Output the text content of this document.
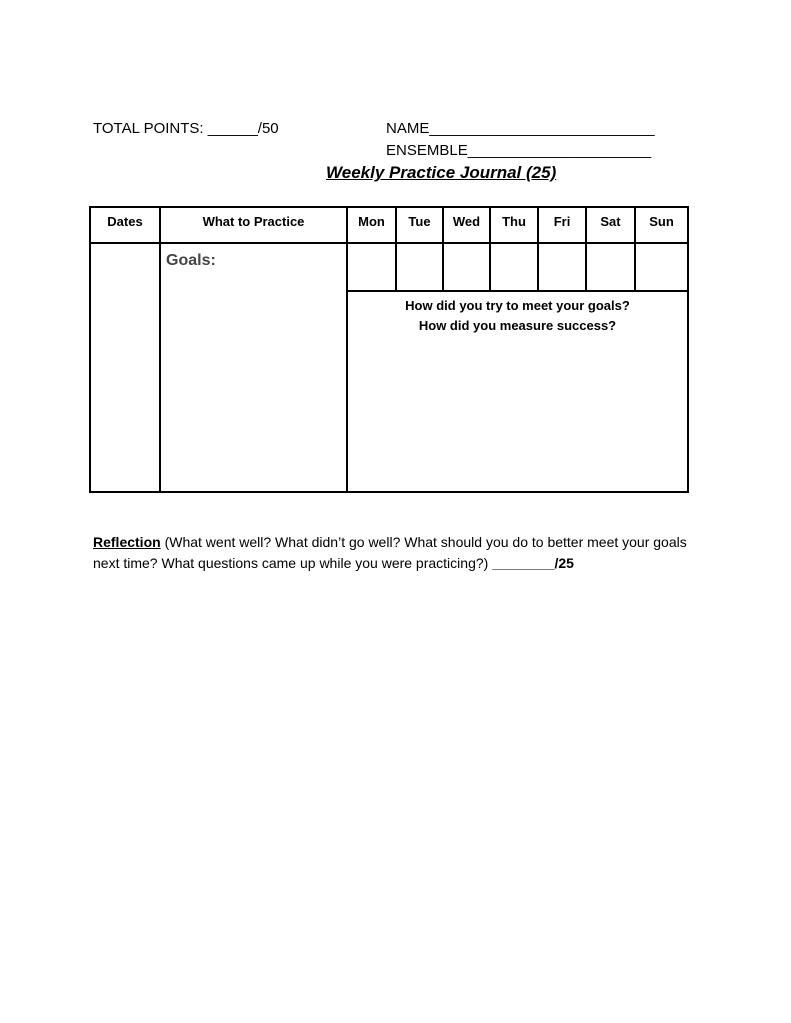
TOTAL POINTS: ______/50	NAME___________________________
ENSEMBLE______________________
Weekly Practice Journal (25)
Dates	What to Practice	Mon	Tue	Wed	Thu	Fri	Sat	Sun
	Goals:							

		How did you try to meet your goals?
How did you measure success?						
Reflection (What went well? What didn’t go well? What should you do to better meet your goals next time? What questions came up while you were practicing?) ________/25
